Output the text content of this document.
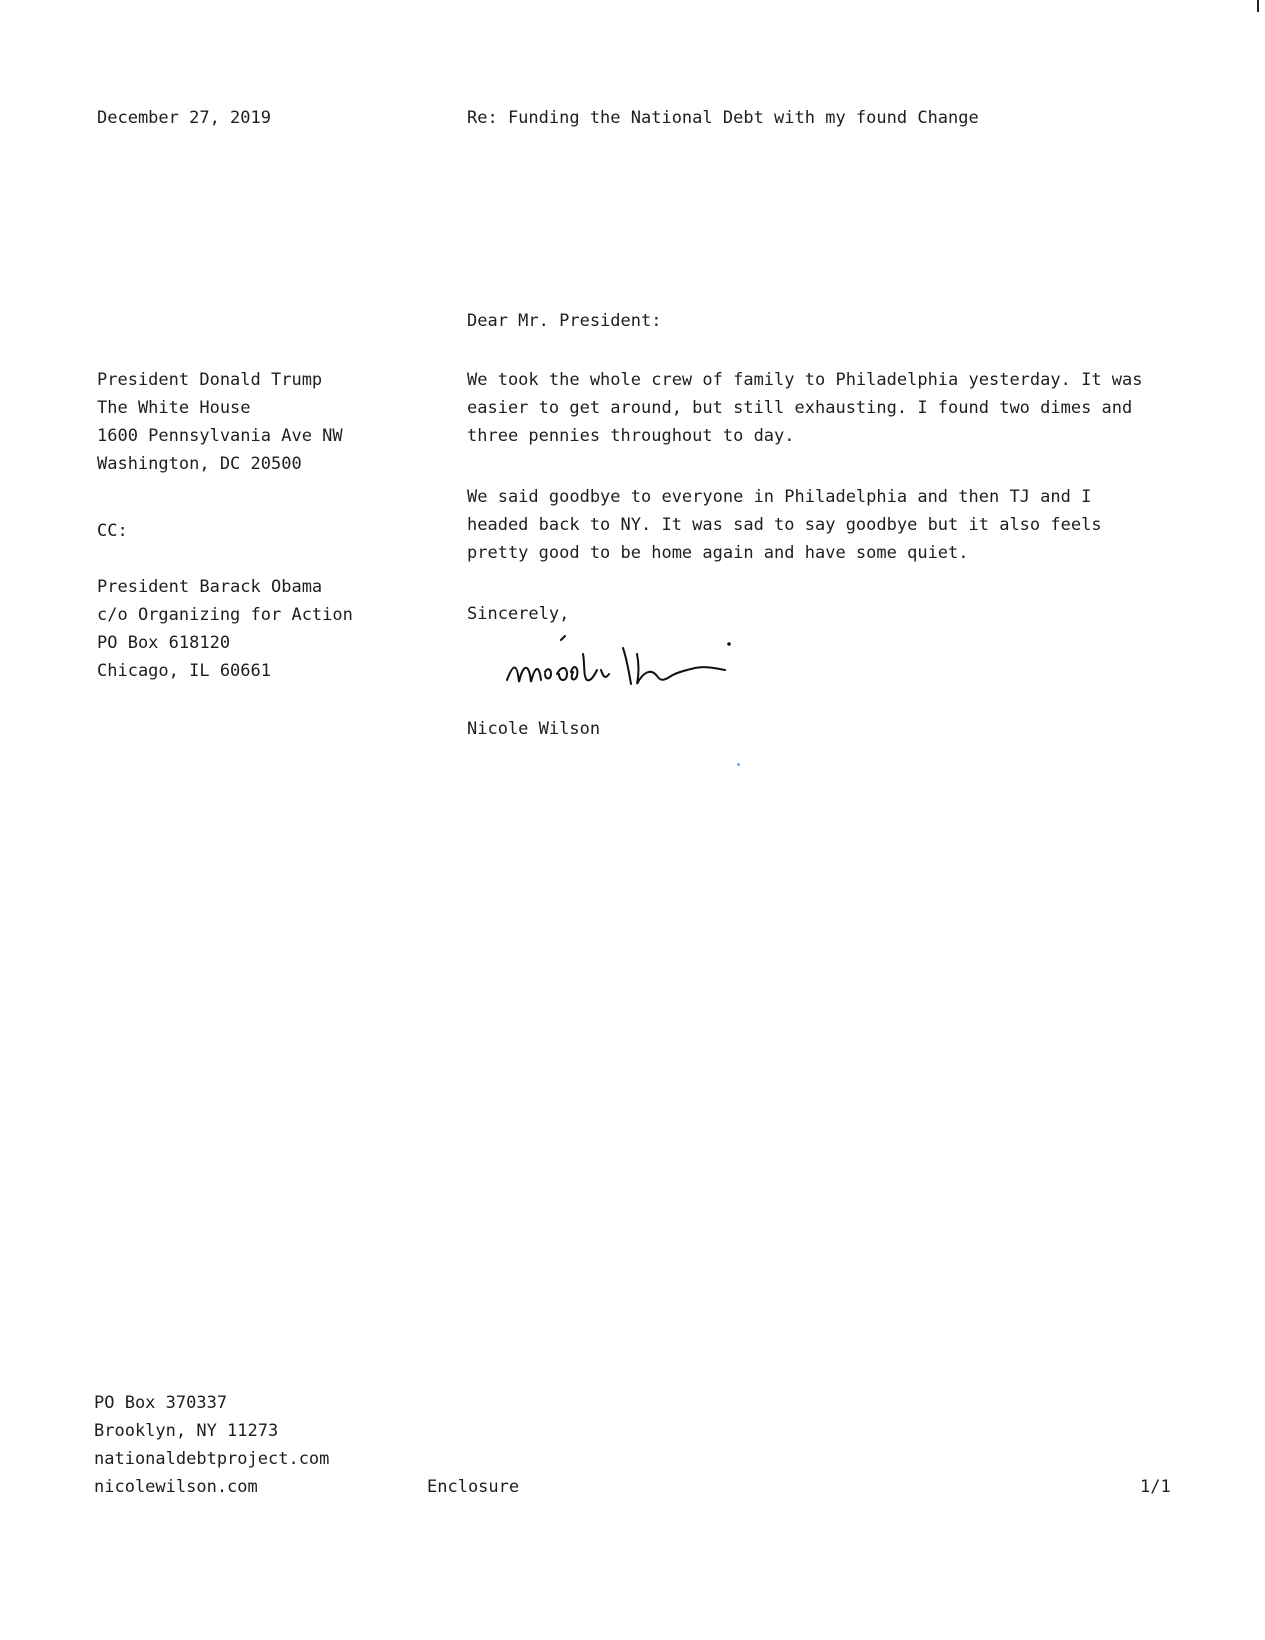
December 27, 2019	Re: Funding the National Debt with my found Change
Dear Mr. President:
President Donald Trump
The White House
1600 Pennsylvania Ave NW
Washington, DC 20500
CC:
President Barack Obama
c/o Organizing for Action
PO Box 618120
Chicago, IL 60661
We took the whole crew of family to Philadelphia yesterday. It was
easier to get around, but still exhausting. I found two dimes and
three pennies throughout to day.
We said goodbye to everyone in Philadelphia and then TJ and I
headed back to NY. It was sad to say goodbye but it also feels
pretty good to be home again and have some quiet.
Sincerely,
Nicole Wilson
PO Box 370337
Brooklyn, NY 11273
nationaldebtproject.com
nicolewilson.com	Enclosure	1/1
